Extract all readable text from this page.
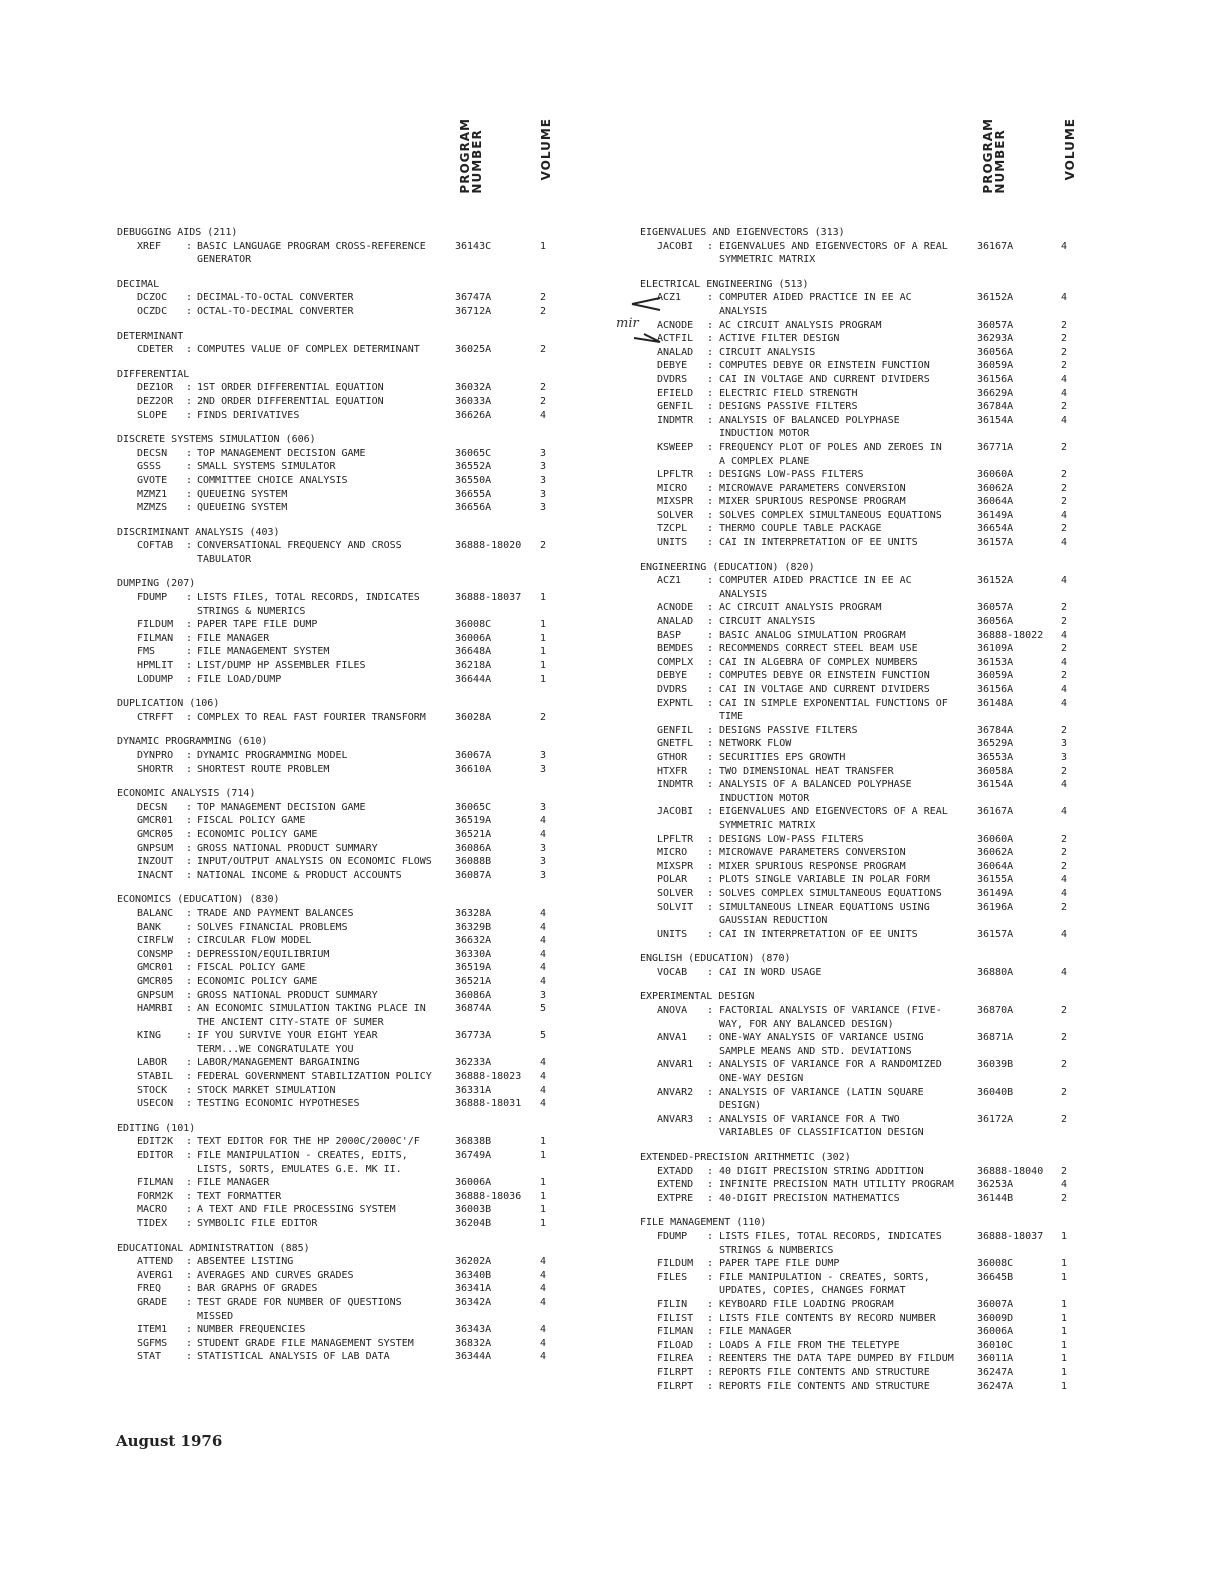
PROGRAM
NUMBER	VOLUME
DEBUGGING AIDS (211)
XREF : BASIC LANGUAGE PROGRAM CROSS-REFERENCE
GENERATOR
36143C	1
DECIMAL
DCZOC : DECIMAL-TO-OCTAL CONVERTER	36747A	2
OCZDC : OCTAL-TO-DECIMAL CONVERTER	36712A	2
DETERMINANT
CDETER : COMPUTES VALUE OF COMPLEX DETERMINANT	36025A	2
DIFFERENTIAL
DEZ1OR : 1ST ORDER DIFFERENTIAL EQUATION	36032A	2
DEZ2OR : 2ND ORDER DIFFERENTIAL EQUATION	36033A	2
SLOPE : FINDS DERIVATIVES	36626A	4
DISCRETE SYSTEMS SIMULATION (606)
DECSN : TOP MANAGEMENT DECISION GAME	36065C	3
GSSS : SMALL SYSTEMS SIMULATOR	36552A	3
GVOTE : COMMITTEE CHOICE ANALYSIS	36550A	3
MZMZ1 : QUEUEING SYSTEM	36655A	3
MZMZS : QUEUEING SYSTEM	36656A	3
DISCRIMINANT ANALYSIS (403)
COFTAB : CONVERSATIONAL FREQUENCY AND CROSS
TABULATOR
36888-18020 2
DUMPING (207)
FDUMP : LISTS FILES, TOTAL RECORDS, INDICATES
STRINGS & NUMERICS
36888-18037 1
FILDUM : PAPER TAPE FILE DUMP	36008C	1
FILMAN : FILE MANAGER	36006A	1
FMS	: FILE MANAGEMENT SYSTEM	36648A	1
HPMLIT : LIST/DUMP HP ASSEMBLER FILES	36218A	1
LODUMP : FILE LOAD/DUMP	36644A	1
DUPLICATION (106)
CTRFFT : COMPLEX TO REAL FAST FOURIER TRANSFORM	36028A	2
DYNAMIC PROGRAMMING (610)
DYNPRO : DYNAMIC PROGRAMMING MODEL	36067A	3
SHORTR : SHORTEST ROUTE PROBLEM	36610A	3
ECONOMIC ANALYSIS (714)
DECSN : TOP MANAGEMENT DECISION GAME	36065C	3
GMCR01 : FISCAL POLICY GAME	36519A	4
GMCR05 : ECONOMIC POLICY GAME	36521A	4
GNPSUM : GROSS NATIONAL PRODUCT SUMMARY	36086A	3
INZOUT : INPUT/OUTPUT ANALYSIS ON ECONOMIC FLOWS 36088B	3
INACNT : NATIONAL INCOME & PRODUCT ACCOUNTS	36087A	3
ECONOMICS (EDUCATION) (830)
BALANC : TRADE AND PAYMENT BALANCES	36328A	4
BANK : SOLVES FINANCIAL PROBLEMS	36329B	4
CIRFLW : CIRCULAR FLOW MODEL	36632A	4
CONSMP : DEPRESSION/EQUILIBRIUM	36330A	4
GMCR01 : FISCAL POLICY GAME	36519A	4
GMCR05 : ECONOMIC POLICY GAME	36521A	4
GNPSUM : GROSS NATIONAL PRODUCT SUMMARY	36086A	3
HAMRBI : AN ECONOMIC SIMULATION TAKING PLACE IN
THE ANCIENT CITY-STATE OF SUMER
36874A	5
KING : IF YOU SURVIVE YOUR EIGHT YEAR
TERM...WE CONGRATULATE YOU
36773A	5
LABOR : LABOR/MANAGEMENT BARGAINING	36233A	4
STABIL : FEDERAL GOVERNMENT STABILIZATION POLICY 36888-18023 4
STOCK : STOCK MARKET SIMULATION	36331A	4
USECON : TESTING ECONOMIC HYPOTHESES	36888-18031 4
EDITING (101)
EDIT2K : TEXT EDITOR FOR THE HP 2000C/2000C'/F	36838B	1
EDITOR : FILE MANIPULATION - CREATES, EDITS,
LISTS, SORTS, EMULATES G.E. MK II.
36749A	1
FILMAN : FILE MANAGER	36006A	1
FORM2K : TEXT FORMATTER	36888-18036 1
MACRO : A TEXT AND FILE PROCESSING SYSTEM	36003B	1
TIDEX : SYMBOLIC FILE EDITOR	36204B	1
EDUCATIONAL ADMINISTRATION (885)
ATTEND : ABSENTEE LISTING	36202A	4
AVERG1 : AVERAGES AND CURVES GRADES	36340B	4
FREQ : BAR GRAPHS OF GRADES	36341A	4
GRADE : TEST GRADE FOR NUMBER OF QUESTIONS
MISSED
36342A	4
ITEM1 : NUMBER FREQUENCIES	36343A	4
SGFMS : STUDENT GRADE FILE MANAGEMENT SYSTEM	36832A	4
STAT : STATISTICAL ANALYSIS OF LAB DATA	36344A	4
PROGRAM
NUMBER	VOLUME
EIGENVALUES AND EIGENVECTORS (313)
JACOBI : EIGENVALUES AND EIGENVECTORS OF A REAL
SYMMETRIC MATRIX
36167A	4
ELECTRICAL ENGINEERING (513)
ACZ1	: COMPUTER AIDED PRACTICE IN EE AC
ANALYSIS
36152A	4
ACNODE : AC CIRCUIT ANALYSIS PROGRAM	36057A	2
ACTFIL : ACTIVE FILTER DESIGN	36293A	2
ANALAD : CIRCUIT ANALYSIS	36056A	2
DEBYE : COMPUTES DEBYE OR EINSTEIN FUNCTION	36059A	2
DVDRS : CAI IN VOLTAGE AND CURRENT DIVIDERS	36156A	4
EFIELD : ELECTRIC FIELD STRENGTH	36629A	4
GENFIL : DESIGNS PASSIVE FILTERS	36784A	2
INDMTR : ANALYSIS OF BALANCED POLYPHASE
INDUCTION MOTOR
36154A	4
KSWEEP : FREQUENCY PLOT OF POLES AND ZEROES IN
A COMPLEX PLANE
36771A	2
LPFLTR : DESIGNS LOW-PASS FILTERS	36060A	2
MICRO : MICROWAVE PARAMETERS CONVERSION	36062A	2
MIXSPR : MIXER SPURIOUS RESPONSE PROGRAM	36064A	2
SOLVER : SOLVES COMPLEX SIMULTANEOUS EQUATIONS	36149A	4
TZCPL : THERMO COUPLE TABLE PACKAGE	36654A	2
UNITS : CAI IN INTERPRETATION OF EE UNITS	36157A	4
ENGINEERING (EDUCATION) (820)
ACZ1	: COMPUTER AIDED PRACTICE IN EE AC
ANALYSIS
36152A	4
ACNODE : AC CIRCUIT ANALYSIS PROGRAM	36057A	2
ANALAD : CIRCUIT ANALYSIS	36056A	2
BASP	: BASIC ANALOG SIMULATION PROGRAM	36888-18022 4
BEMDES : RECOMMENDS CORRECT STEEL BEAM USE	36109A	2
COMPLX : CAI IN ALGEBRA OF COMPLEX NUMBERS	36153A	4
DEBYE : COMPUTES DEBYE OR EINSTEIN FUNCTION	36059A	2
DVDRS : CAI IN VOLTAGE AND CURRENT DIVIDERS	36156A	4
EXPNTL : CAI IN SIMPLE EXPONENTIAL FUNCTIONS OF
TIME
36148A	4
GENFIL : DESIGNS PASSIVE FILTERS	36784A	2
GNETFL : NETWORK FLOW	36529A	3
GTHOR : SECURITIES EPS GROWTH	36553A	3
HTXFR : TWO DIMENSIONAL HEAT TRANSFER	36058A	2
INDMTR : ANALYSIS OF A BALANCED POLYPHASE
INDUCTION MOTOR
36154A	4
JACOBI : EIGENVALUES AND EIGENVECTORS OF A REAL
SYMMETRIC MATRIX
36167A	4
LPFLTR : DESIGNS LOW-PASS FILTERS	36060A	2
MICRO : MICROWAVE PARAMETERS CONVERSION	36062A	2
MIXSPR : MIXER SPURIOUS RESPONSE PROGRAM	36064A	2
POLAR : PLOTS SINGLE VARIABLE IN POLAR FORM	36155A	4
SOLVER : SOLVES COMPLEX SIMULTANEOUS EQUATIONS	36149A	4
SOLVIT : SIMULTANEOUS LINEAR EQUATIONS USING
GAUSSIAN REDUCTION
36196A	2
UNITS : CAI IN INTERPRETATION OF EE UNITS	36157A	4
ENGLISH (EDUCATION) (870)
VOCAB : CAI IN WORD USAGE	36880A	4
EXPERIMENTAL DESIGN
ANOVA : FACTORIAL ANALYSIS OF VARIANCE (FIVE-
WAY, FOR ANY BALANCED DESIGN)
36870A	2
ANVA1 : ONE-WAY ANALYSIS OF VARIANCE USING
SAMPLE MEANS AND STD. DEVIATIONS
36871A	2
ANVAR1 : ANALYSIS OF VARIANCE FOR A RANDOMIZED
ONE-WAY DESIGN
36039B	2
ANVAR2 : ANALYSIS OF VARIANCE (LATIN SQUARE
DESIGN)
36040B	2
ANVAR3 : ANALYSIS OF VARIANCE FOR A TWO
VARIABLES OF CLASSIFICATION DESIGN
36172A	2
EXTENDED-PRECISION ARITHMETIC (302)
EXTADD : 40 DIGIT PRECISION STRING ADDITION	36888-18040 2
EXTEND : INFINITE PRECISION MATH UTILITY PROGRAM 36253A	4
EXTPRE : 40-DIGIT PRECISION MATHEMATICS	36144B	2
FILE MANAGEMENT (110)
FDUMP : LISTS FILES, TOTAL RECORDS, INDICATES
STRINGS & NUMBERICS
36888-18037 1
FILDUM : PAPER TAPE FILE DUMP	36008C	1
FILES : FILE MANIPULATION - CREATES, SORTS,
UPDATES, COPIES, CHANGES FORMAT
36645B	1
FILIN : KEYBOARD FILE LOADING PROGRAM	36007A	1
FILIST : LISTS FILE CONTENTS BY RECORD NUMBER	36009D	1
FILMAN : FILE MANAGER	36006A	1
FILOAD : LOADS A FILE FROM THE TELETYPE	36010C	1
FILREA : REENTERS THE DATA TAPE DUMPED BY FILDUM 36011A	1
FILRPT : REPORTS FILE CONTENTS AND STRUCTURE	36247A	1
FILRPT : REPORTS FILE CONTENTS AND STRUCTURE	36247A	1
mir
August 1976
